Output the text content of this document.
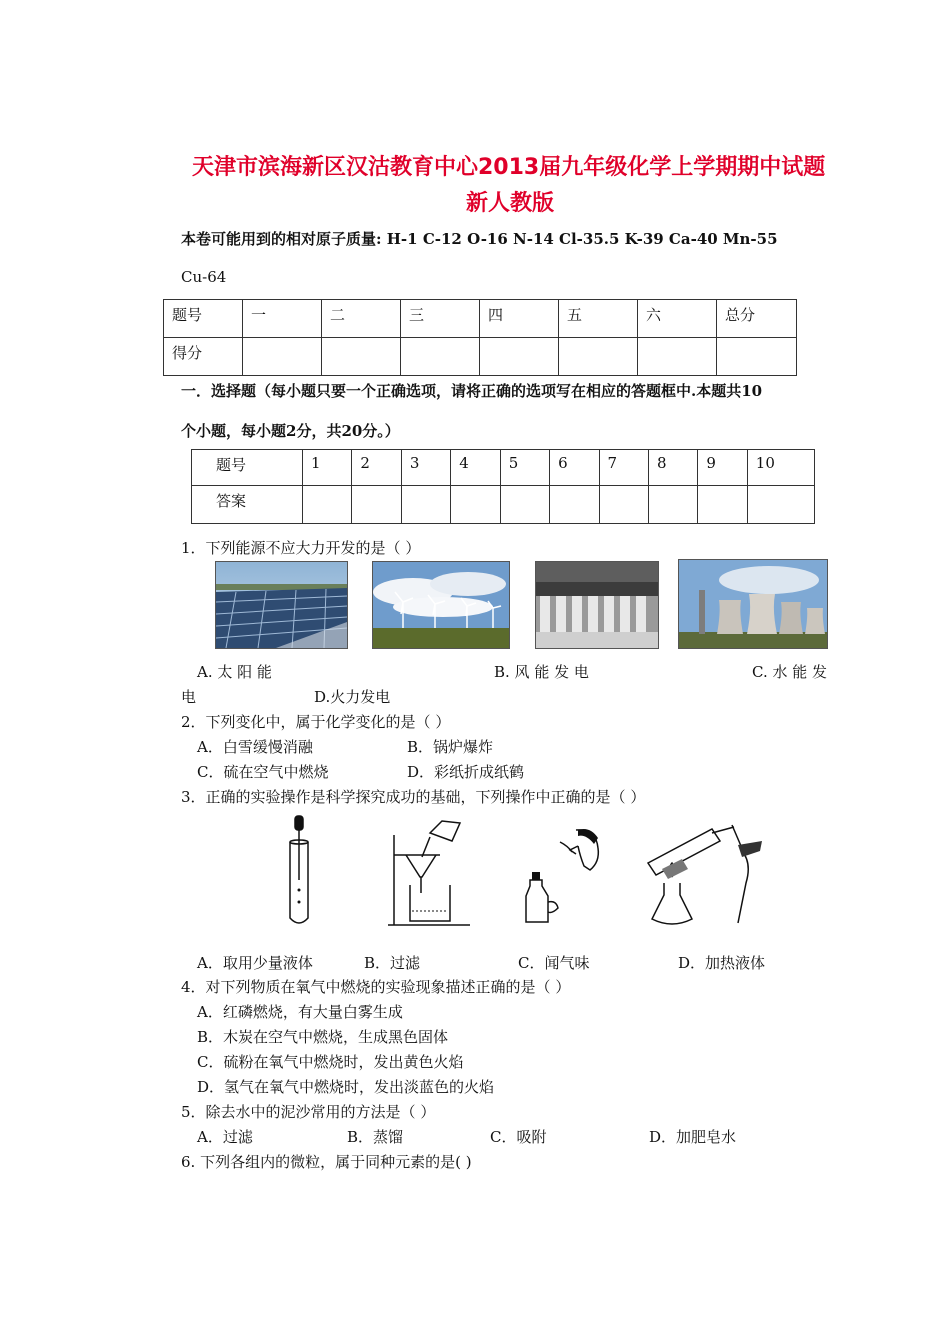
天津市滨海新区汉沽教育中心2013届九年级化学上学期期中试题
新人教版
本卷可能用到的相对原子质量: H-1 C-12 O-16 N-14 Cl-35.5 K-39 Ca-40 Mn-55
Cu-64
题号	一	二	三	四	五	六	总分
得分							
一．选择题（每小题只要一个正确选项，请将正确的选项写在相应的答题框中.本题共10
个小题，每小题2分，共20分。）
题号	1	2	3	4	5	6	7	8	9	10
答案										
1．下列能源不应大力开发的是（ ）
A. 太 阳 能	B. 风 能 发 电	C. 水 能 发
电	D.火力发电
2．下列变化中，属于化学变化的是（ ）
A．白雪缓慢消融	B．锅炉爆炸
C．硫在空气中燃烧	D．彩纸折成纸鹤
3．正确的实验操作是科学探究成功的基础，下列操作中正确的是（ ）
A．取用少量液体	B．过滤	C．闻气味	D．加热液体
4．对下列物质在氧气中燃烧的实验现象描述正确的是（ ）
A．红磷燃烧，有大量白雾生成
B．木炭在空气中燃烧，生成黑色固体
C．硫粉在氧气中燃烧时，发出黄色火焰
D．氢气在氧气中燃烧时，发出淡蓝色的火焰
5．除去水中的泥沙常用的方法是（ ）
A．过滤	B．蒸馏	C．吸附	D．加肥皂水
6. 下列各组内的微粒，属于同种元素的是( )
